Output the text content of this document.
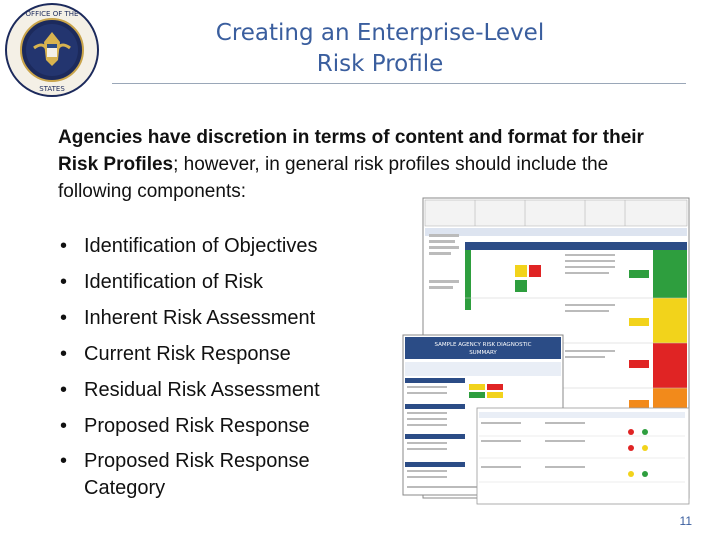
OFFICE OF THE
STATES
Creating an Enterprise-Level
Risk Profile
Agencies have discretion in terms of content and format for their Risk Profiles; however, in general risk profiles should include the following components:
• Identification of Objectives
• Identification of Risk
• Inherent Risk Assessment
• Current Risk Response
• Residual Risk Assessment
• Proposed Risk Response
• Proposed Risk Response Category
SAMPLE AGENCY RISK DIAGNOSTIC
SUMMARY
11
